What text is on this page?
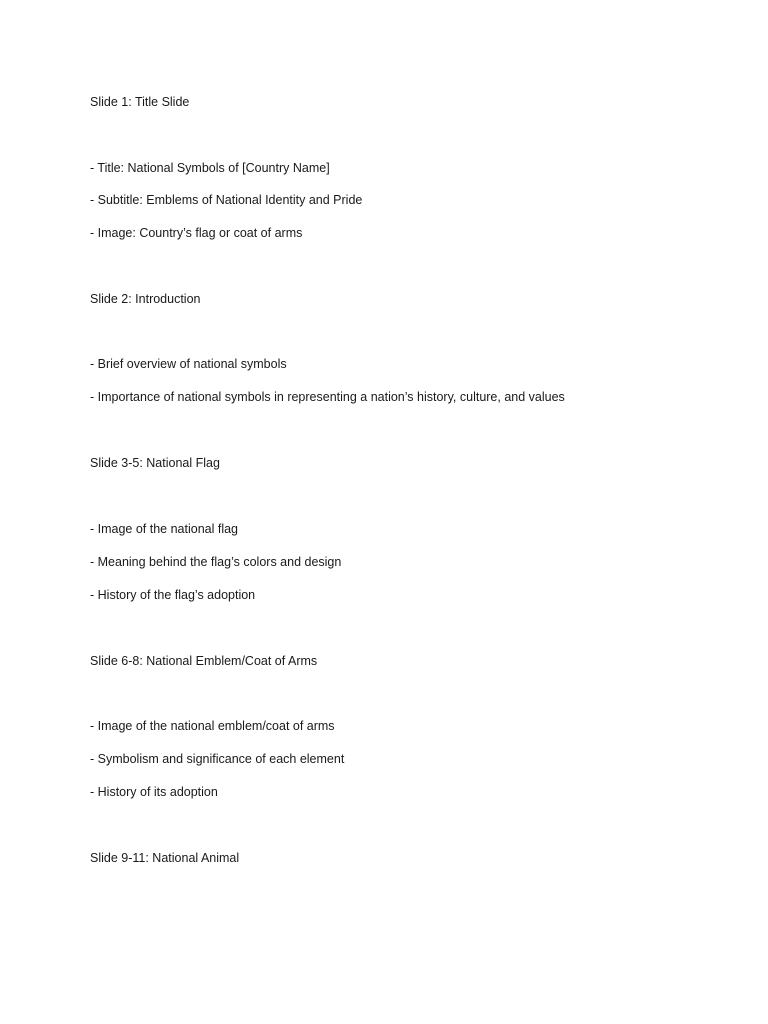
Slide 1: Title Slide

- Title: National Symbols of [Country Name]

- Subtitle: Emblems of National Identity and Pride

- Image: Country’s flag or coat of arms

Slide 2: Introduction

- Brief overview of national symbols

- Importance of national symbols in representing a nation’s history, culture, and values

Slide 3-5: National Flag

- Image of the national flag

- Meaning behind the flag’s colors and design

- History of the flag’s adoption

Slide 6-8: National Emblem/Coat of Arms

- Image of the national emblem/coat of arms

- Symbolism and significance of each element

- History of its adoption

Slide 9-11: National Animal
